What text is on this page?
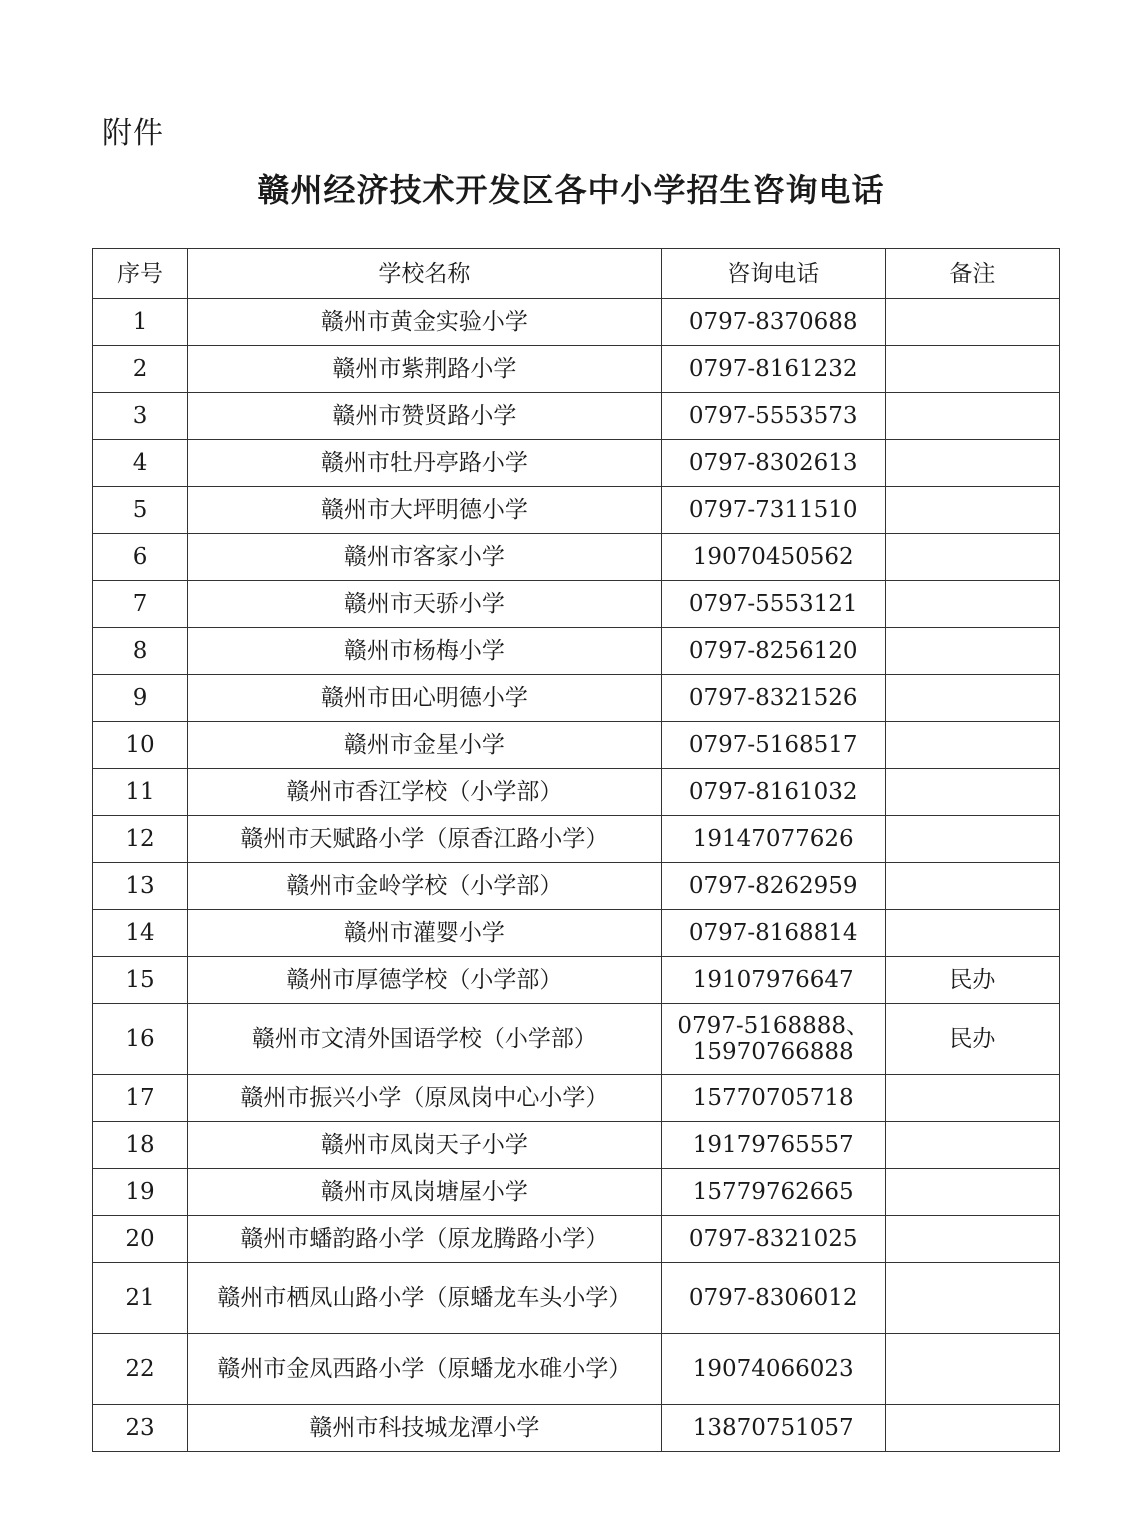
附件
赣州经济技术开发区各中小学招生咨询电话
序号	学校名称	咨询电话	备注
1	赣州市黄金实验小学	0797-8370688	

2	赣州市紫荆路小学	0797-8161232	

3	赣州市赞贤路小学	0797-5553573	

4	赣州市牡丹亭路小学	0797-8302613	

5	赣州市大坪明德小学	0797-7311510	

6	赣州市客家小学	19070450562	

7	赣州市天骄小学	0797-5553121	

8	赣州市杨梅小学	0797-8256120	

9	赣州市田心明德小学	0797-8321526	

10	赣州市金星小学	0797-5168517	

11	赣州市香江学校（小学部）	0797-8161032	

12	赣州市天赋路小学（原香江路小学）	19147077626	

13	赣州市金岭学校（小学部）	0797-8262959	

14	赣州市灌婴小学	0797-8168814	

15	赣州市厚德学校（小学部）	19107976647	民办
16	赣州市文清外国语学校（小学部）	0797-5168888、
15970766888	民办
17	赣州市振兴小学（原凤岗中心小学）	15770705718	

18	赣州市凤岗天子小学	19179765557	

19	赣州市凤岗塘屋小学	15779762665	

20	赣州市蟠韵路小学（原龙腾路小学）	0797-8321025	

21	赣州市栖凤山路小学（原蟠龙车头小学）	0797-8306012	

22	赣州市金凤西路小学（原蟠龙水碓小学）	19074066023	

23	赣州市科技城龙潭小学	13870751057	
